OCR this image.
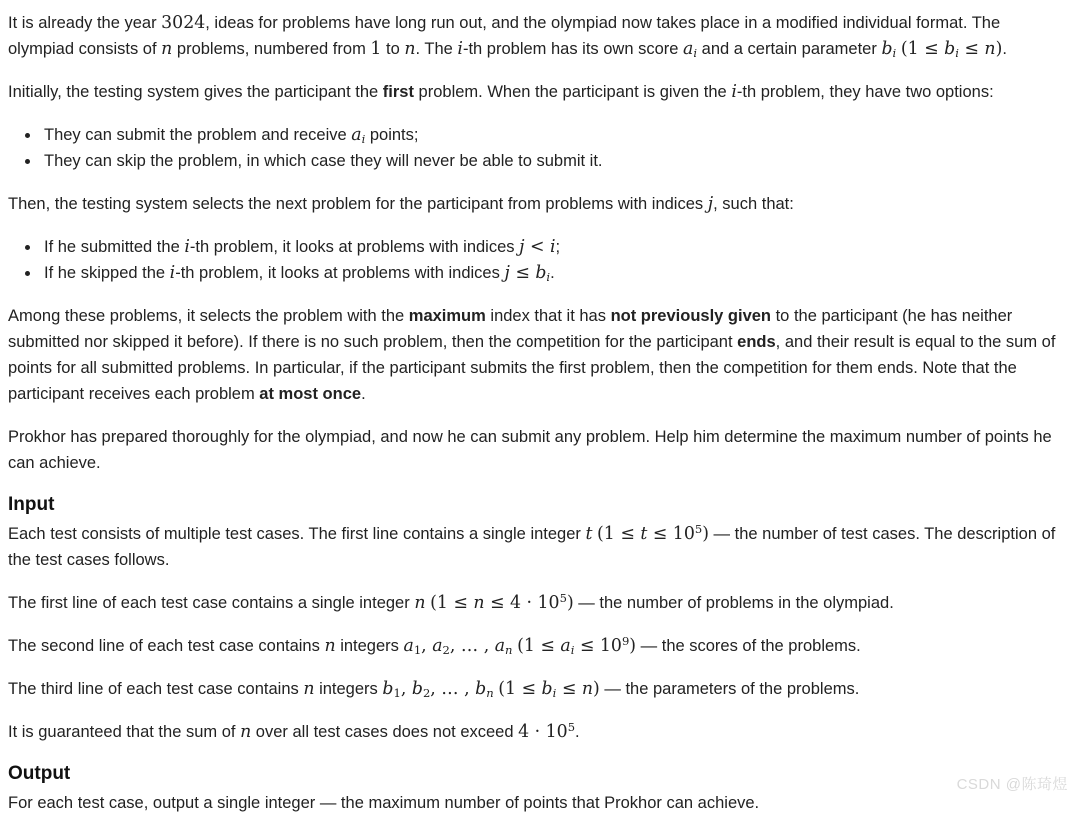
It is already the year 3024, ideas for problems have long run out, and the olympiad now takes place in a modified individual format. The olympiad consists of n problems, numbered from 1 to n. The i-th problem has its own score ai and a certain parameter bi (1 ≤ bi ≤ n).

Initially, the testing system gives the participant the first problem. When the participant is given the i-th problem, they have two options:

• They can submit the problem and receive ai points;
• They can skip the problem, in which case they will never be able to submit it.

Then, the testing system selects the next problem for the participant from problems with indices j, such that:

• If he submitted the i-th problem, it looks at problems with indices j < i;
• If he skipped the i-th problem, it looks at problems with indices j ≤ bi.

Among these problems, it selects the problem with the maximum index that it has not previously given to the participant (he has neither submitted nor skipped it before). If there is no such problem, then the competition for the participant ends, and their result is equal to the sum of points for all submitted problems. In particular, if the participant submits the first problem, then the competition for them ends. Note that the participant receives each problem at most once.

Prokhor has prepared thoroughly for the olympiad, and now he can submit any problem. Help him determine the maximum number of points he can achieve.

Input

Each test consists of multiple test cases. The first line contains a single integer t $(1 \le t \le 10^5)$ — the number of test cases. The description of the test cases follows.

The first line of each test case contains a single integer n $(1 \le n \le 4 \cdot 10^5)$ — the number of problems in the olympiad.

The second line of each test case contains n integers a1, a2, … , an (1 ≤ ai ≤ $10^9$) — the scores of the problems.

The third line of each test case contains n integers b1, b2, … , bn (1 ≤ bi ≤ n) — the parameters of the problems.

It is guaranteed that the sum of n over all test cases does not exceed $4 \cdot 10^5$.

Output

For each test case, output a single integer — the maximum number of points that Prokhor can achieve.

CSDN @陈琦煜
